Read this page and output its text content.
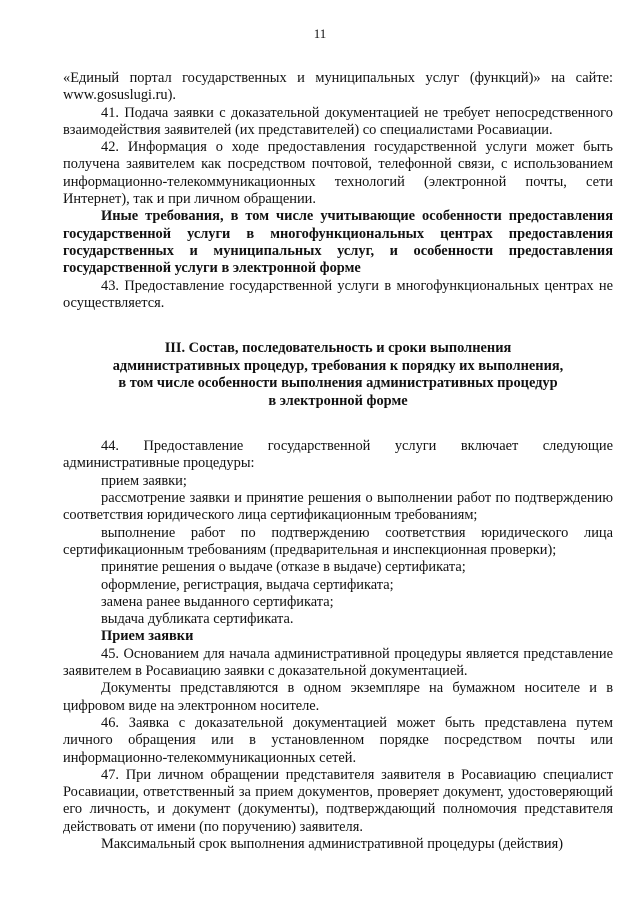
11

«Единый портал государственных и муниципальных услуг (функций)» на сайте: www.gosuslugi.ru).

41. Подача заявки с доказательной документацией не требует непосредственного взаимодействия заявителей (их представителей) со специалистами Росавиации.

42. Информация о ходе предоставления государственной услуги может быть получена заявителем как посредством почтовой, телефонной связи, с использованием информационно-телекоммуникационных технологий (электронной почты, сети Интернет), так и при личном обращении.

Иные требования, в том числе учитывающие особенности предоставления государственной услуги в многофункциональных центрах предоставления государственных и муниципальных услуг, и особенности предоставления государственной услуги в электронной форме

43. Предоставление государственной услуги в многофункциональных центрах не осуществляется.

III. Состав, последовательность и сроки выполнения

административных процедур, требования к порядку их выполнения,

в том числе особенности выполнения административных процедур

в электронной форме

44. Предоставление государственной услуги включает следующие административные процедуры:

прием заявки;

рассмотрение заявки и принятие решения о выполнении работ по подтверждению соответствия юридического лица сертификационным требованиям;

выполнение работ по подтверждению соответствия юридического лица сертификационным требованиям (предварительная и инспекционная проверки);

принятие решения о выдаче (отказе в выдаче) сертификата;

оформление, регистрация, выдача сертификата;

замена ранее выданного сертификата;

выдача дубликата сертификата.

Прием заявки

45. Основанием для начала административной процедуры является представление заявителем в Росавиацию заявки с доказательной документацией.

Документы представляются в одном экземпляре на бумажном носителе и в цифровом виде на электронном носителе.

46. Заявка с доказательной документацией может быть представлена путем личного обращения или в установленном порядке посредством почты или информационно-телекоммуникационных сетей.

47. При личном обращении представителя заявителя в Росавиацию специалист Росавиации, ответственный за прием документов, проверяет документ, удостоверяющий его личность, и документ (документы), подтверждающий полномочия представителя действовать от имени (по поручению) заявителя.

Максимальный срок выполнения административной процедуры (действия)
